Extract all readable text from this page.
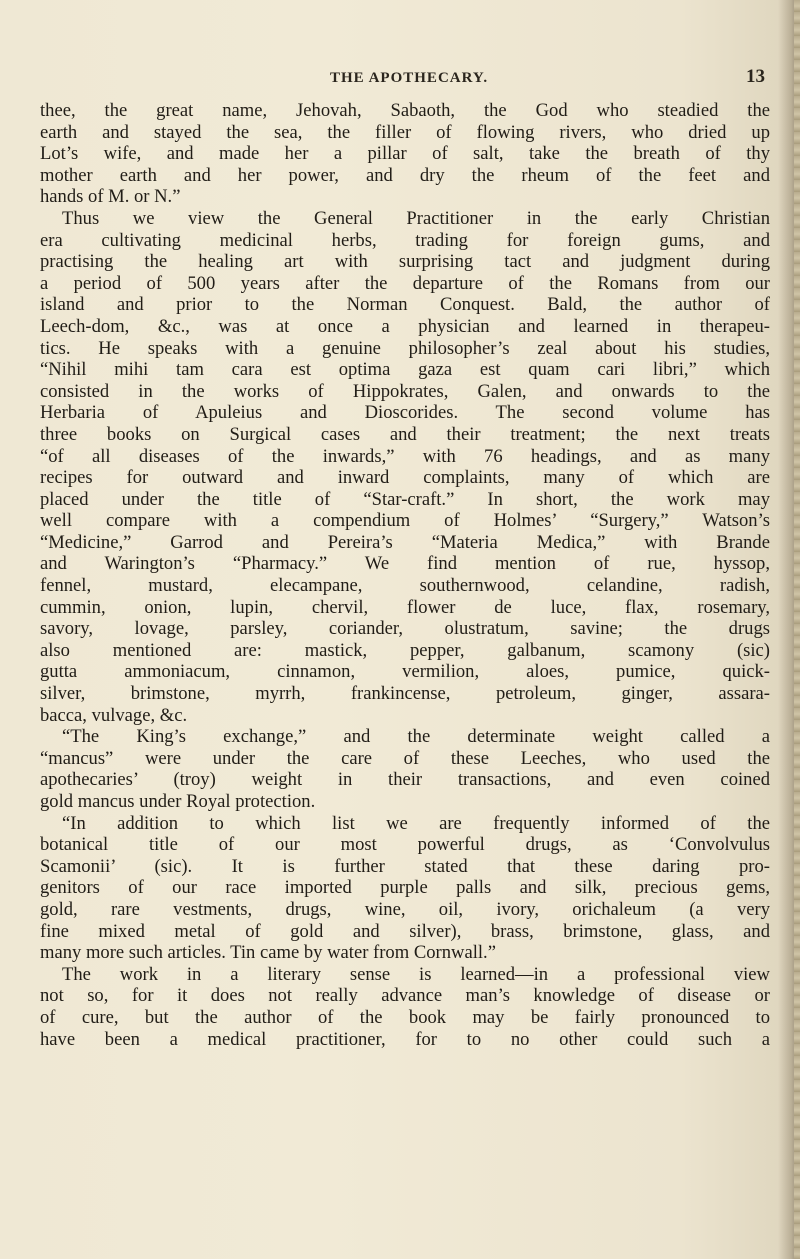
THE APOTHECARY.	13
thee, the great name, Jehovah, Sabaoth, the God who steadied the
earth and stayed the sea, the filler of flowing rivers, who dried up
Lot’s wife, and made her a pillar of salt, take the breath of thy
mother earth and her power, and dry the rheum of the feet and
hands of M. or N.”
Thus we view the General Practitioner in the early Christian
era cultivating medicinal herbs, trading for foreign gums, and
practising the healing art with surprising tact and judgment during
a period of 500 years after the departure of the Romans from our
island and prior to the Norman Conquest. Bald, the author of
Leech-dom, &c., was at once a physician and learned in therapeu-
tics. He speaks with a genuine philosopher’s zeal about his studies,
“Nihil mihi tam cara est optima gaza est quam cari libri,” which
consisted in the works of Hippokrates, Galen, and onwards to the
Herbaria of Apuleius and Dioscorides. The second volume has
three books on Surgical cases and their treatment; the next treats
“of all diseases of the inwards,” with 76 headings, and as many
recipes for outward and inward complaints, many of which are
placed under the title of “Star-craft.” In short, the work may
well compare with a compendium of Holmes’ “Surgery,” Watson’s
“Medicine,” Garrod and Pereira’s “Materia Medica,” with Brande
and Warington’s “Pharmacy.” We find mention of rue, hyssop,
fennel, mustard, elecampane, southernwood, celandine, radish,
cummin, onion, lupin, chervil, flower de luce, flax, rosemary,
savory, lovage, parsley, coriander, olustratum, savine; the drugs
also mentioned are: mastick, pepper, galbanum, scamony (sic)
gutta ammoniacum, cinnamon, vermilion, aloes, pumice, quick-
silver, brimstone, myrrh, frankincense, petroleum, ginger, assara-
bacca, vulvage, &c.
“The King’s exchange,” and the determinate weight called a
“mancus” were under the care of these Leeches, who used the
apothecaries’ (troy) weight in their transactions, and even coined
gold mancus under Royal protection.
“In addition to which list we are frequently informed of the
botanical title of our most powerful drugs, as ‘Convolvulus
Scamonii’ (sic). It is further stated that these daring pro-
genitors of our race imported purple palls and silk, precious gems,
gold, rare vestments, drugs, wine, oil, ivory, orichaleum (a very
fine mixed metal of gold and silver), brass, brimstone, glass, and
many more such articles. Tin came by water from Cornwall.”
The work in a literary sense is learned—in a professional view
not so, for it does not really advance man’s knowledge of disease or
of cure, but the author of the book may be fairly pronounced to
have been a medical practitioner, for to no other could such a
